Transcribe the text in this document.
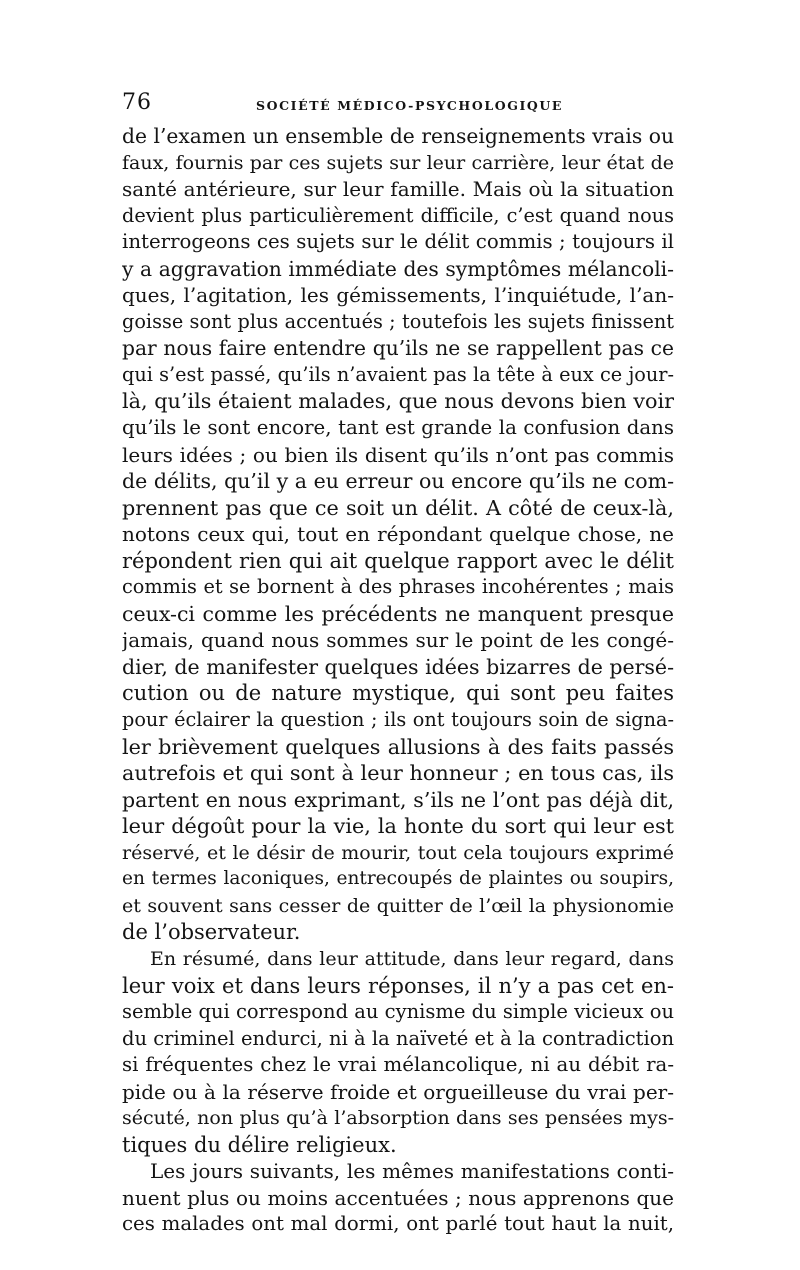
76	SOCIÉTÉ MÉDICO-PSYCHOLOGIQUE
de l’examen un ensemble de renseignements vrais ou
faux, fournis par ces sujets sur leur carrière, leur état de
santé antérieure, sur leur famille. Mais où la situation
devient plus particulièrement difficile, c’est quand nous
interrogeons ces sujets sur le délit commis ; toujours il
y a aggravation immédiate des symptômes mélancoli-
ques, l’agitation, les gémissements, l’inquiétude, l’an-
goisse sont plus accentués ; toutefois les sujets finissent
par nous faire entendre qu’ils ne se rappellent pas ce
qui s’est passé, qu’ils n’avaient pas la tête à eux ce jour-
là, qu’ils étaient malades, que nous devons bien voir
qu’ils le sont encore, tant est grande la confusion dans
leurs idées ; ou bien ils disent qu’ils n’ont pas commis
de délits, qu’il y a eu erreur ou encore qu’ils ne com-
prennent pas que ce soit un délit. A côté de ceux-là,
notons ceux qui, tout en répondant quelque chose, ne
répondent rien qui ait quelque rapport avec le délit
commis et se bornent à des phrases incohérentes ; mais
ceux-ci comme les précédents ne manquent presque
jamais, quand nous sommes sur le point de les congé-
dier, de manifester quelques idées bizarres de persé-
cution ou de nature mystique, qui sont peu faites
pour éclairer la question ; ils ont toujours soin de signa-
ler brièvement quelques allusions à des faits passés
autrefois et qui sont à leur honneur ; en tous cas, ils
partent en nous exprimant, s’ils ne l’ont pas déjà dit,
leur dégoût pour la vie, la honte du sort qui leur est
réservé, et le désir de mourir, tout cela toujours exprimé
en termes laconiques, entrecoupés de plaintes ou soupirs,
et souvent sans cesser de quitter de l’œil la physionomie
de l’observateur.
En résumé, dans leur attitude, dans leur regard, dans
leur voix et dans leurs réponses, il n’y a pas cet en-
semble qui correspond au cynisme du simple vicieux ou
du criminel endurci, ni à la naïveté et à la contradiction
si fréquentes chez le vrai mélancolique, ni au débit ra-
pide ou à la réserve froide et orgueilleuse du vrai per-
sécuté, non plus qu’à l’absorption dans ses pensées mys-
tiques du délire religieux.
Les jours suivants, les mêmes manifestations conti-
nuent plus ou moins accentuées ; nous apprenons que
ces malades ont mal dormi, ont parlé tout haut la nuit,
